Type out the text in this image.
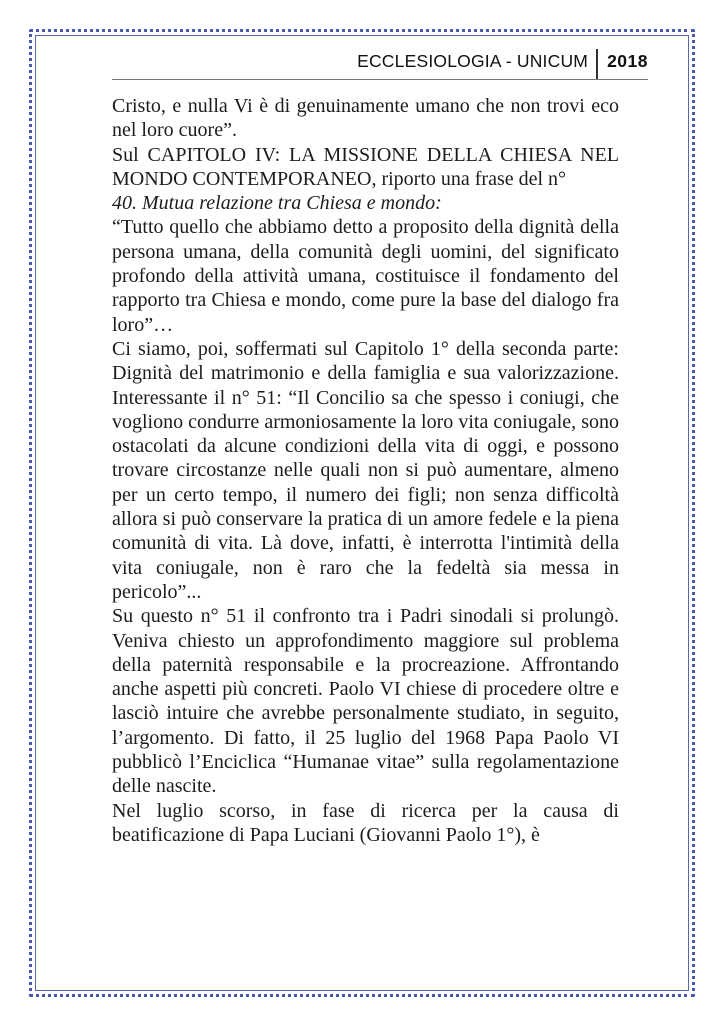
ECCLESIOLOGIA - UNICUM	2018

Cristo, e nulla Vi è di genuinamente umano che non trovi eco nel loro cuore”.

Sul CAPITOLO IV: LA MISSIONE DELLA CHIESA NEL MONDO CONTEMPORANEO, riporto una frase del n°
40. Mutua relazione tra Chiesa e mondo:

“Tutto quello che abbiamo detto a proposito della dignità della persona umana, della comunità degli uomini, del significato profondo della attività umana, costituisce il fondamento del rapporto tra Chiesa e mondo, come pure la base del dialogo fra loro”…

Ci siamo, poi, soffermati sul Capitolo 1° della seconda parte: Dignità del matrimonio e della famiglia e sua valorizzazione. Interessante il n° 51: “Il Concilio sa che spesso i coniugi, che vogliono condurre armoniosamente la loro vita coniugale, sono ostacolati da alcune condizioni della vita di oggi, e possono trovare circostanze nelle quali non si può aumentare, almeno per un certo tempo, il numero dei figli; non senza difficoltà allora si può conservare la pratica di un amore fedele e la piena comunità di vita. Là dove, infatti, è interrotta l'intimità della vita coniugale, non è raro che la fedeltà sia messa in pericolo”...

Su questo n° 51 il confronto tra i Padri sinodali si prolungò. Veniva chiesto un approfondimento maggiore sul problema della paternità responsabile e la procreazione. Affrontando anche aspetti più concreti. Paolo VI chiese di procedere oltre e lasciò intuire che avrebbe personalmente studiato, in seguito, l’argomento. Di fatto, il 25 luglio del 1968 Papa Paolo VI pubblicò l’Enciclica “Humanae vitae” sulla regolamentazione delle nascite.

Nel luglio scorso, in fase di ricerca per la causa di beatificazione di Papa Luciani (Giovanni Paolo 1°), è
